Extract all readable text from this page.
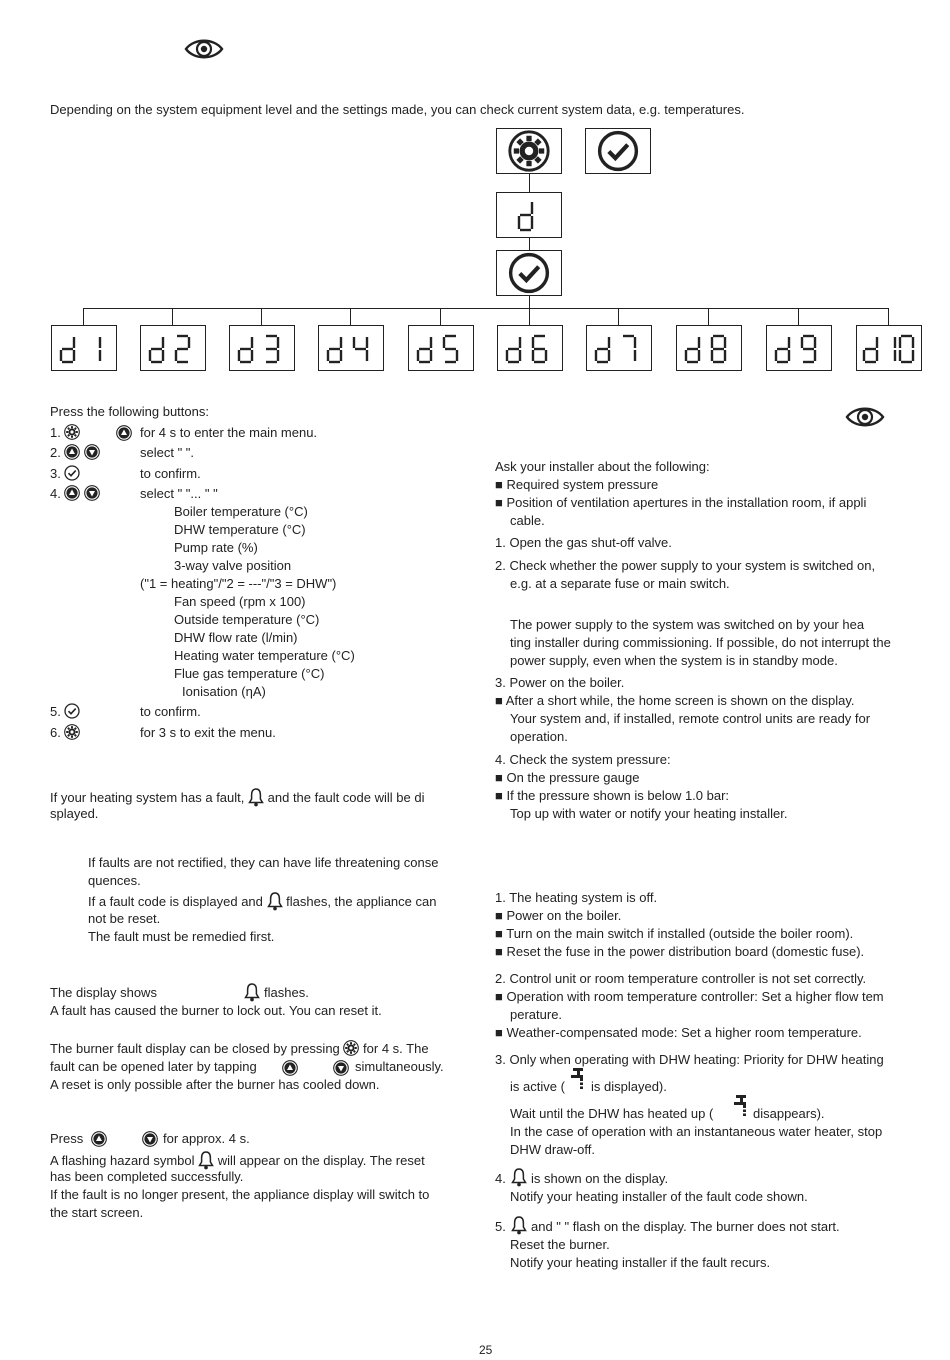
Depending on the system equipment level and the settings made, you can check current system data, e.g. temperatures.
Press the following buttons:
1.	for 4 s to enter the main menu.
2.	select " ".
3.	to confirm.
4.	select " "... " "
Boiler temperature (°C)
DHW temperature (°C)
Pump rate (%)
3-way valve position
("1 = heating"/"2 = ---"/"3 = DHW")
Fan speed (rpm x 100)
Outside temperature (°C)
DHW flow rate (l/min)
Heating water temperature (°C)
Flue gas temperature (°C)
Ionisation (ηA)
5.	to confirm.
6.	for 3 s to exit the menu.
If your heating system has a fault, and the fault code will be di
splayed.
If faults are not rectified, they can have life threatening conse
quences.
If a fault code is displayed and flashes, the appliance can
not be reset.
The fault must be remedied first.
The display shows	flashes.
A fault has caused the burner to lock out. You can reset it.
The burner fault display can be closed by pressing for 4 s. The
fault can be opened later by tapping	simultaneously.
A reset is only possible after the burner has cooled down.
Press	for approx. 4 s.
A flashing hazard symbol will appear on the display. The reset
has been completed successfully.
If the fault is no longer present, the appliance display will switch to
the start screen.
Ask your installer about the following:
■ Required system pressure
■ Position of ventilation apertures in the installation room, if appli
cable.
1. Open the gas shut-off valve.
2. Check whether the power supply to your system is switched on,
e.g. at a separate fuse or main switch.
The power supply to the system was switched on by your hea
ting installer during commissioning. If possible, do not interrupt the
power supply, even when the system is in standby mode.
3. Power on the boiler.
■ After a short while, the home screen is shown on the display.
Your system and, if installed, remote control units are ready for
operation.
4. Check the system pressure:
■ On the pressure gauge
■ If the pressure shown is below 1.0 bar:
Top up with water or notify your heating installer.
1. The heating system is off.
■ Power on the boiler.
■ Turn on the main switch if installed (outside the boiler room).
■ Reset the fuse in the power distribution board (domestic fuse).
2. Control unit or room temperature controller is not set correctly.
■ Operation with room temperature controller: Set a higher flow tem
perature.
■ Weather-compensated mode: Set a higher room temperature.
3. Only when operating with DHW heating: Priority for DHW heating
is active ( is displayed).
Wait until the DHW has heated up (	disappears).
In the case of operation with an instantaneous water heater, stop
DHW draw-off.
4. is shown on the display.
Notify your heating installer of the fault code shown.
5. and " " flash on the display. The burner does not start.
Reset the burner.
Notify your heating installer if the fault recurs.
25
